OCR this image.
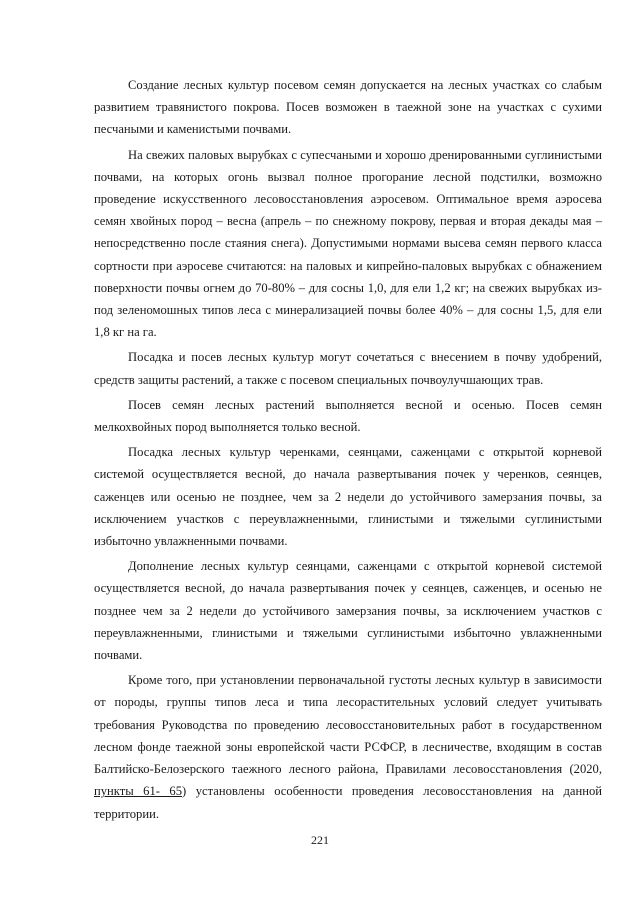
Создание лесных культур посевом семян допускается на лесных участках со слабым развитием травянистого покрова. Посев возможен в таежной зоне на участках с сухими песчаными и каменистыми почвами.

На свежих паловых вырубках с супесчаными и хорошо дренированными суглинистыми почвами, на которых огонь вызвал полное прогорание лесной подстилки, возможно проведение искусственного лесовосстановления аэросевом. Оптимальное время аэросева семян хвойных пород – весна (апрель – по снежному покрову, первая и вторая декады мая – непосредственно после стаяния снега). Допустимыми нормами высева семян первого класса сортности при аэросеве считаются: на паловых и кипрейно-паловых вырубках с обнажением поверхности почвы огнем до 70-80% – для сосны 1,0, для ели 1,2 кг; на свежих вырубках из-под зеленомошных типов леса с минерализацией почвы более 40% – для сосны 1,5, для ели 1,8 кг на га.

Посадка и посев лесных культур могут сочетаться с внесением в почву удобрений, средств защиты растений, а также с посевом специальных почвоулучшающих трав.

Посев семян лесных растений выполняется весной и осенью. Посев семян мелкохвойных пород выполняется только весной.

Посадка лесных культур черенками, сеянцами, саженцами с открытой корневой системой осуществляется весной, до начала развертывания почек у черенков, сеянцев, саженцев или осенью не позднее, чем за 2 недели до устойчивого замерзания почвы, за исключением участков с переувлажненными, глинистыми и тяжелыми суглинистыми избыточно увлажненными почвами.

Дополнение лесных культур сеянцами, саженцами с открытой корневой системой осуществляется весной, до начала развертывания почек у сеянцев, саженцев, и осенью не позднее чем за 2 недели до устойчивого замерзания почвы, за исключением участков с переувлажненными, глинистыми и тяжелыми суглинистыми избыточно увлажненными почвами.

Кроме того, при установлении первоначальной густоты лесных культур в зависимости от породы, группы типов леса и типа лесорастительных условий следует учитывать требования Руководства по проведению лесовосстановительных работ в государственном лесном фонде таежной зоны европейской части РСФСР, в лесничестве, входящим в состав Балтийско-Белозерского таежного лесного района, Правилами лесовосстановления (2020, пункты 61- 65) установлены особенности проведения лесовосстановления на данной территории.

221
